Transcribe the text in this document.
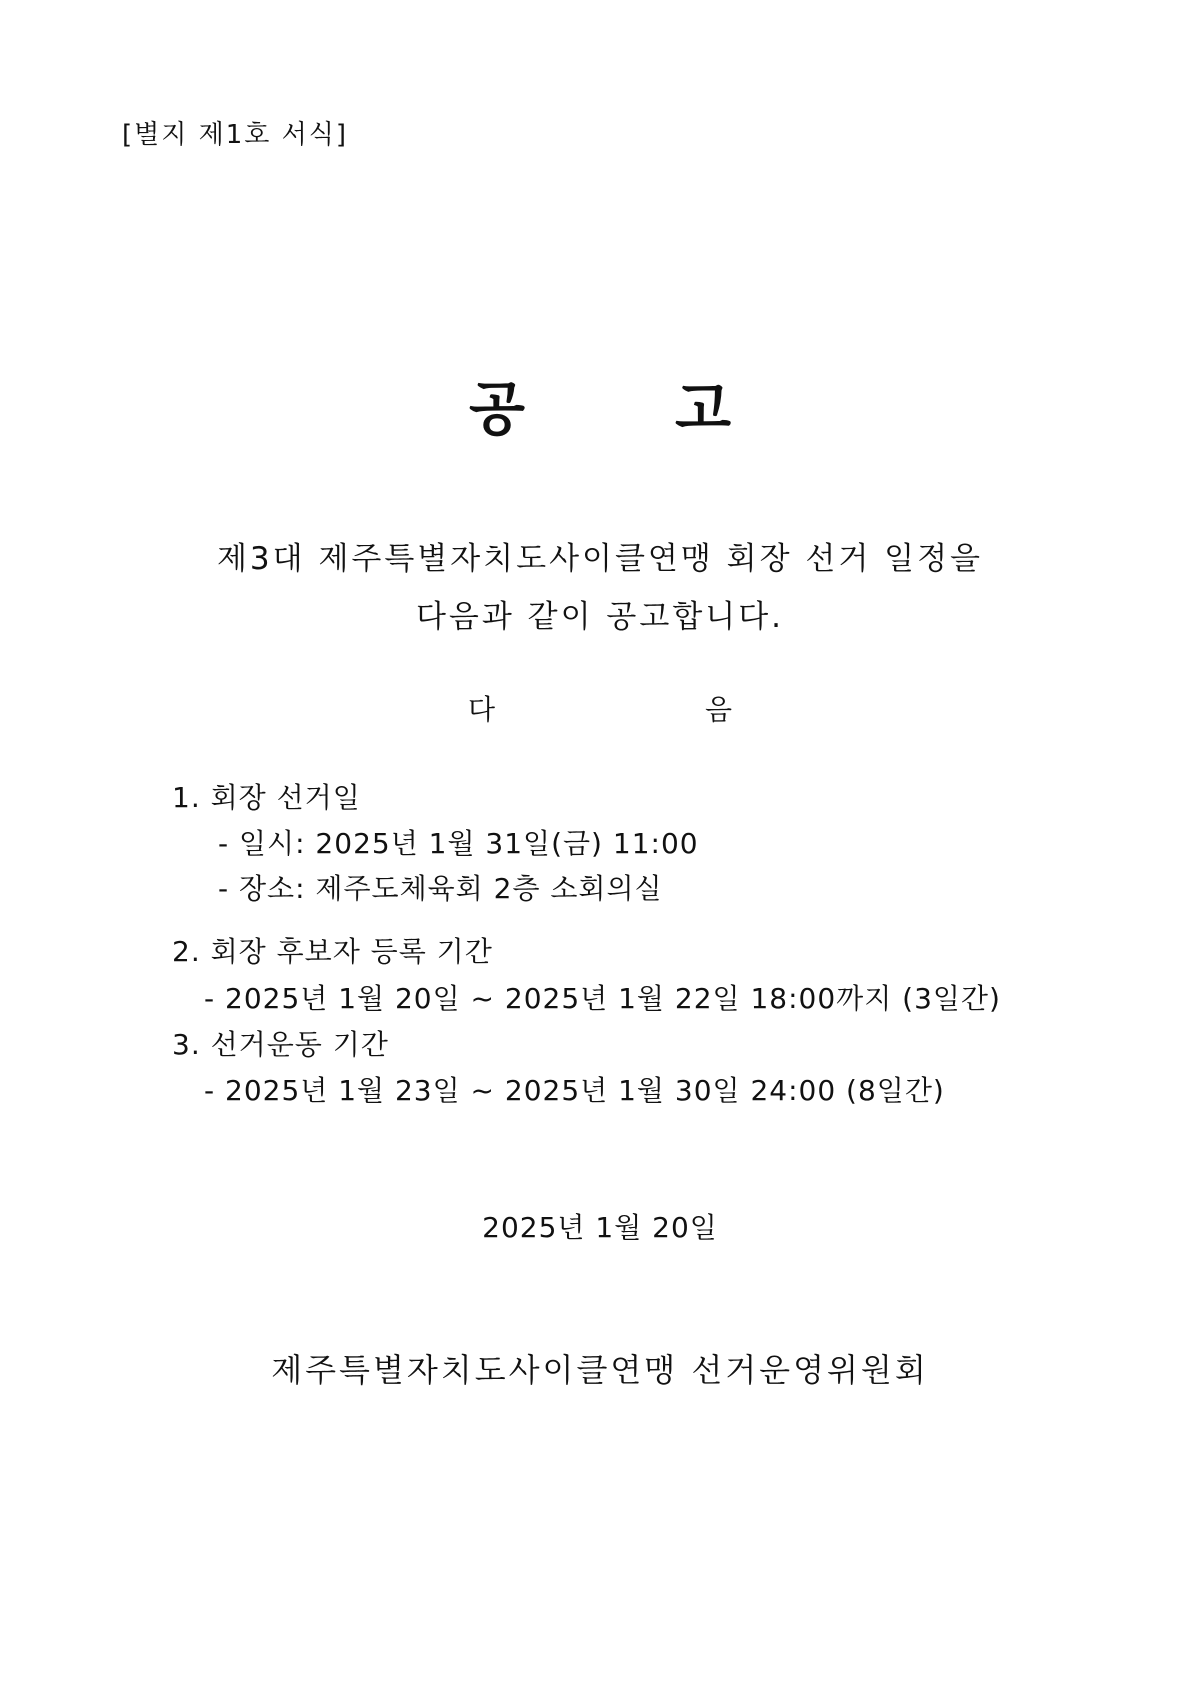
[별지 제1호 서식]
공	고
제3대 제주특별자치도사이클연맹 회장 선거 일정을
다음과 같이 공고합니다.
다	음
1. 회장 선거일
- 일시: 2025년 1월 31일(금) 11:00
- 장소: 제주도체육회 2층 소회의실
2. 회장 후보자 등록 기간
- 2025년 1월 20일 ~ 2025년 1월 22일 18:00까지 (3일간)
3. 선거운동 기간
- 2025년 1월 23일 ~ 2025년 1월 30일 24:00 (8일간)
2025년 1월 20일
제주특별자치도사이클연맹 선거운영위원회
